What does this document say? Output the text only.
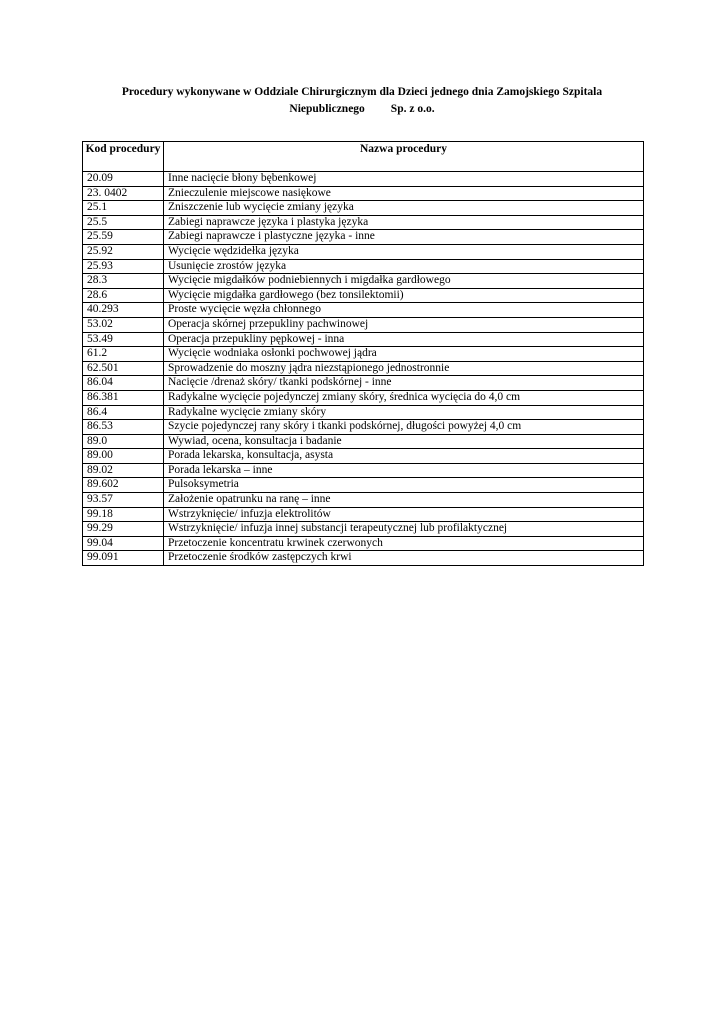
Procedury wykonywane w Oddziale Chirurgicznym dla Dzieci jednego dnia Zamojskiego Szpitala
Niepublicznego Sp. z o.o.
Kod procedury	Nazwa procedury
20.09	Inne nacięcie błony bębenkowej
23. 0402	Znieczulenie miejscowe nasiękowe
25.1	Zniszczenie lub wycięcie zmiany języka
25.5	Zabiegi naprawcze języka i plastyka języka
25.59	Zabiegi naprawcze i plastyczne języka - inne
25.92	Wycięcie wędzidełka języka
25.93	Usunięcie zrostów języka
28.3	Wycięcie migdałków podniebiennych i migdałka gardłowego
28.6	Wycięcie migdałka gardłowego (bez tonsilektomii)
40.293	Proste wycięcie węzła chłonnego
53.02	Operacja skórnej przepukliny pachwinowej
53.49	Operacja przepukliny pępkowej - inna
61.2	Wycięcie wodniaka osłonki pochwowej jądra
62.501	Sprowadzenie do moszny jądra niezstąpionego jednostronnie
86.04	Nacięcie /drenaż skóry/ tkanki podskórnej - inne
86.381	Radykalne wycięcie pojedynczej zmiany skóry, średnica wycięcia do 4,0 cm
86.4	Radykalne wycięcie zmiany skóry
86.53	Szycie pojedynczej rany skóry i tkanki podskórnej, długości powyżej 4,0 cm
89.0	Wywiad, ocena, konsultacja i badanie
89.00	Porada lekarska, konsultacja, asysta
89.02	Porada lekarska – inne
89.602	Pulsoksymetria
93.57	Założenie opatrunku na ranę – inne
99.18	Wstrzyknięcie/ infuzja elektrolitów
99.29	Wstrzyknięcie/ infuzja innej substancji terapeutycznej lub profilaktycznej
99.04	Przetoczenie koncentratu krwinek czerwonych
99.091	Przetoczenie środków zastępczych krwi
